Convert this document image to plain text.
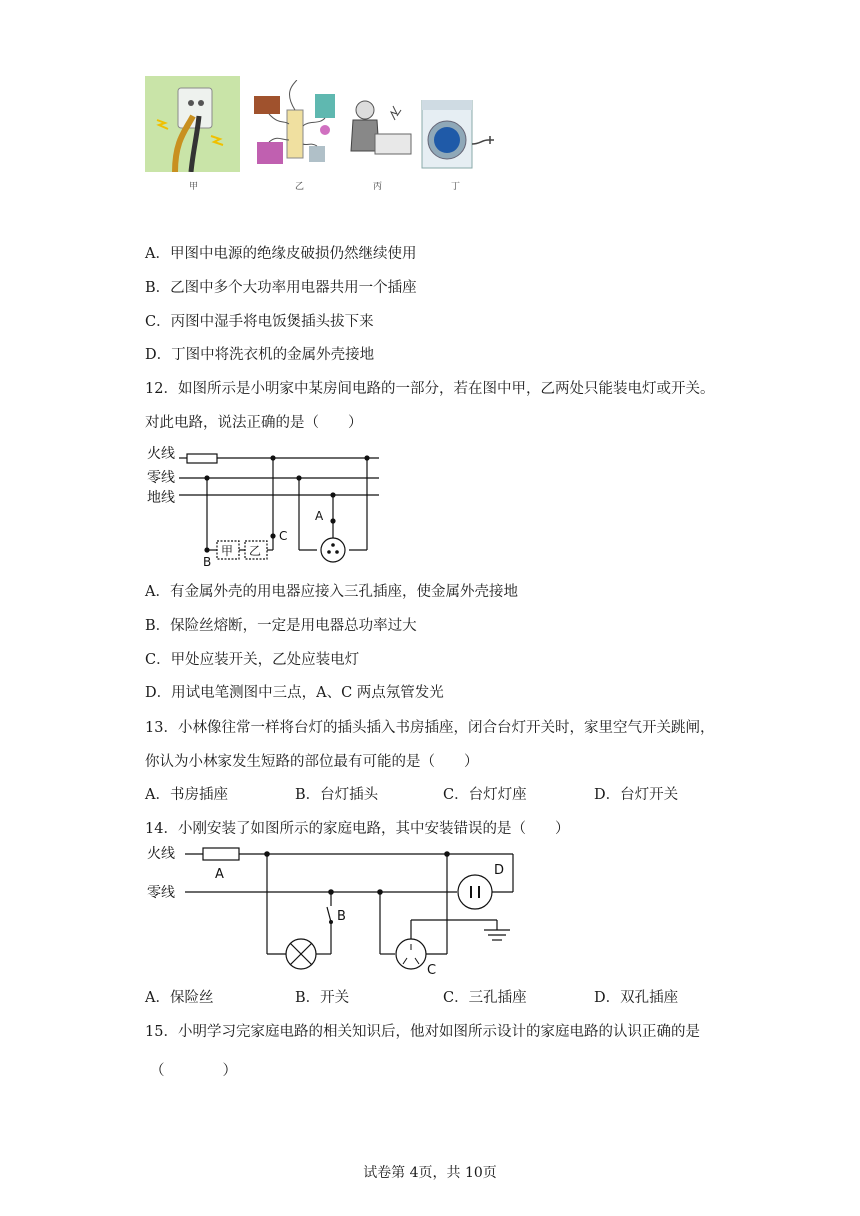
甲	乙	丙	丁
A．甲图中电源的绝缘皮破损仍然继续使用
B．乙图中多个大功率用电器共用一个插座
C．丙图中湿手将电饭煲插头拔下来
D．丁图中将洗衣机的金属外壳接地
12．如图所示是小明家中某房间电路的一部分，若在图中甲，乙两处只能装电灯或开关。
对此电路，说法正确的是（　　）
火线
零线
地线
B
甲 乙
C
A
A．有金属外壳的用电器应接入三孔插座，使金属外壳接地
B．保险丝熔断，一定是用电器总功率过大
C．甲处应装开关，乙处应装电灯
D．用试电笔测图中三点，A、C 两点氖管发光
13．小林像往常一样将台灯的插头插入书房插座，闭合台灯开关时，家里空气开关跳闸，
你认为小林家发生短路的部位最有可能的是（　　）
A．书房插座	B．台灯插头	C．台灯灯座	D．台灯开关
14．小刚安装了如图所示的家庭电路，其中安装错误的是（　　）
火线
零线
A
B
C
D
A．保险丝	B．开关	C．三孔插座	D．双孔插座
15．小明学习完家庭电路的相关知识后，他对如图所示设计的家庭电路的认识正确的是
（　　　　）
试卷第 4页，共 10页
